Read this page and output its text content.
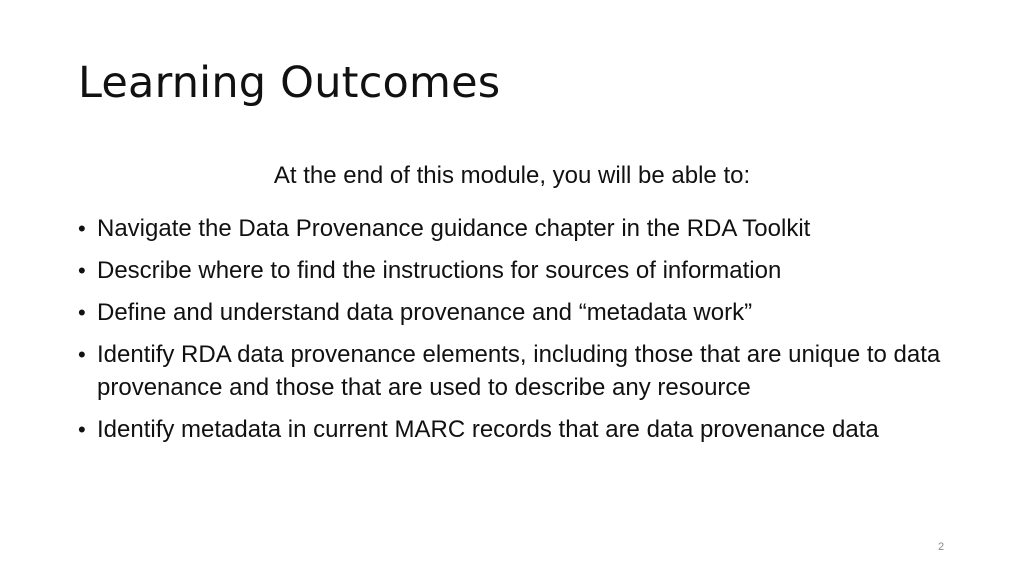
Learning Outcomes
At the end of this module, you will be able to:
• Navigate the Data Provenance guidance chapter in the RDA Toolkit
• Describe where to find the instructions for sources of information
• Define and understand data provenance and “metadata work”
• Identify RDA data provenance elements, including those that are unique to data provenance and those that are used to describe any resource
• Identify metadata in current MARC records that are data provenance data
2
